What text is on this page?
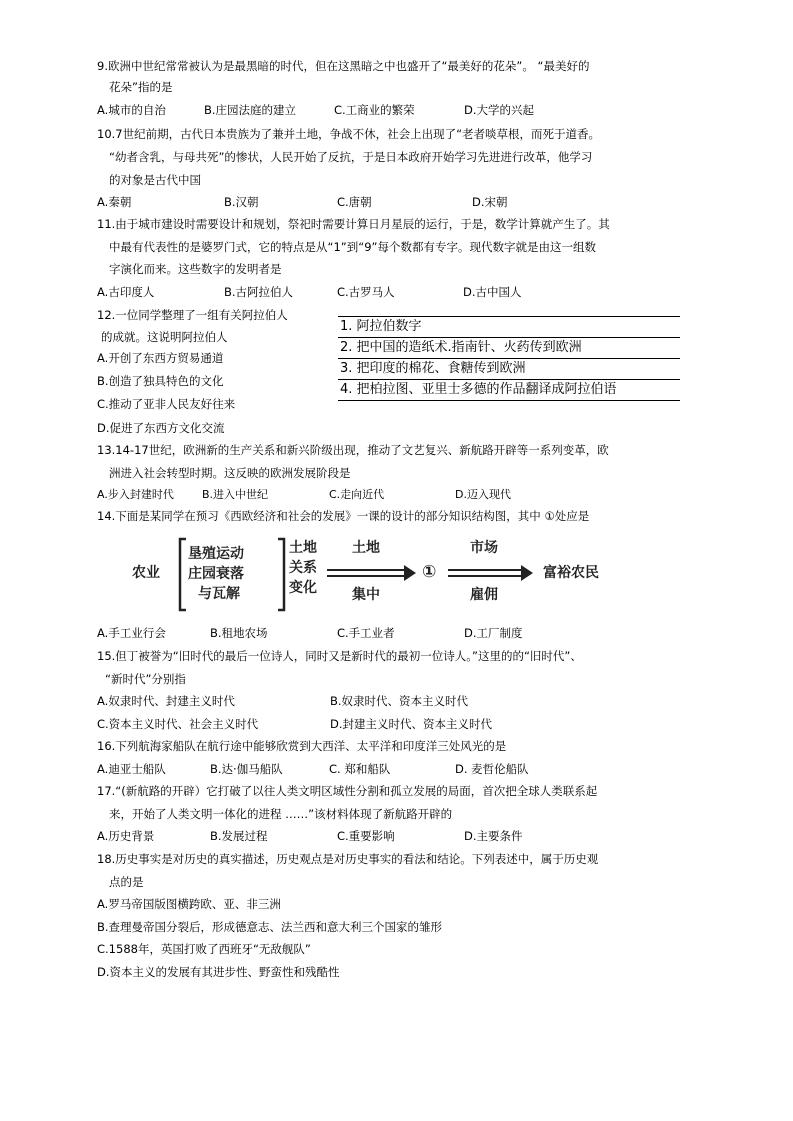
9.欧洲中世纪常常被认为是最黑暗的时代，但在这黑暗之中也盛开了“最美好的花朵”。 “最美好的
花朵”指的是
A.城市的自治	B.庄园法庭的建立	C.工商业的繁荣	D.大学的兴起
10.7世纪前期，古代日本贵族为了兼并土地，争战不休，社会上出现了“老者啖草根，而死于道香。
“幼者含乳，与母共死”的惨状，人民开始了反抗，于是日本政府开始学习先进进行改革，他学习
的对象是古代中国
A.秦朝	B.汉朝	C.唐朝	D.宋朝
11.由于城市建设时需要设计和规划，祭祀时需要计算日月星辰的运行，于是，数学计算就产生了。其
中最有代表性的是婆罗门式，它的特点是从“1”到“9”每个数都有专字。现代数字就是由这一组数
字演化而来。这些数字的发明者是
A.古印度人	B.古阿拉伯人	C.古罗马人	D.古中国人
12.一位同学整理了一组有关阿拉伯人
的成就。这说明阿拉伯人
A.开创了东西方贸易通道
B.创造了独具特色的文化
C.推动了亚非人民友好往来
D.促进了东西方文化交流
1. 阿拉伯数字
2. 把中国的造纸术.指南针、火药传到欧洲
3. 把印度的棉花、食糖传到欧洲
4. 把柏拉图、亚里士多德的作品翻译成阿拉伯语
13.14-17世纪，欧洲新的生产关系和新兴阶级出现，推动了文艺复兴、新航路开辟等一系列变革，欧
洲进入社会转型时期。这反映的欧洲发展阶段是
A.步入封建时代	B.进入中世纪	C.走向近代	D.迈入现代
14.下面是某同学在预习《西欧经济和社会的发展》一课的设计的部分知识结构图，其中 ①处应是
农业
垦殖运动
庄园衰落
与瓦解
土地
关系
变化
土地
集中
①
市场
雇佣
富裕农民
A.手工业行会	B.租地农场	C.手工业者	D.工厂制度
15.但丁被誉为“旧时代的最后一位诗人，同时又是新时代的最初一位诗人。”这里的的“旧时代”、
“新时代”分别指
A.奴隶时代、封建主义时代	B.奴隶时代、资本主义时代
C.资本主义时代、社会主义时代	D.封建主义时代、资本主义时代
16.下列航海家船队在航行途中能够欣赏到大西洋、太平洋和印度洋三处风光的是
A.迪亚士船队	B.达·伽马船队	C. 郑和船队	D. 麦哲伦船队
17.“(新航路的开辟）它打破了以往人类文明区域性分割和孤立发展的局面，首次把全球人类联系起
来，开始了人类文明一体化的进程 ……”该材料体现了新航路开辟的
A.历史背景	B.发展过程	C.重要影响	D.主要条件
18.历史事实是对历史的真实描述，历史观点是对历史事实的看法和结论。下列表述中，属于历史观
点的是
A.罗马帝国版图横跨欧、亚、非三洲
B.查理曼帝国分裂后，形成德意志、法兰西和意大利三个国家的雏形
C.1588年，英国打败了西班牙“无敌舰队”
D.资本主义的发展有其进步性、野蛮性和残酷性
